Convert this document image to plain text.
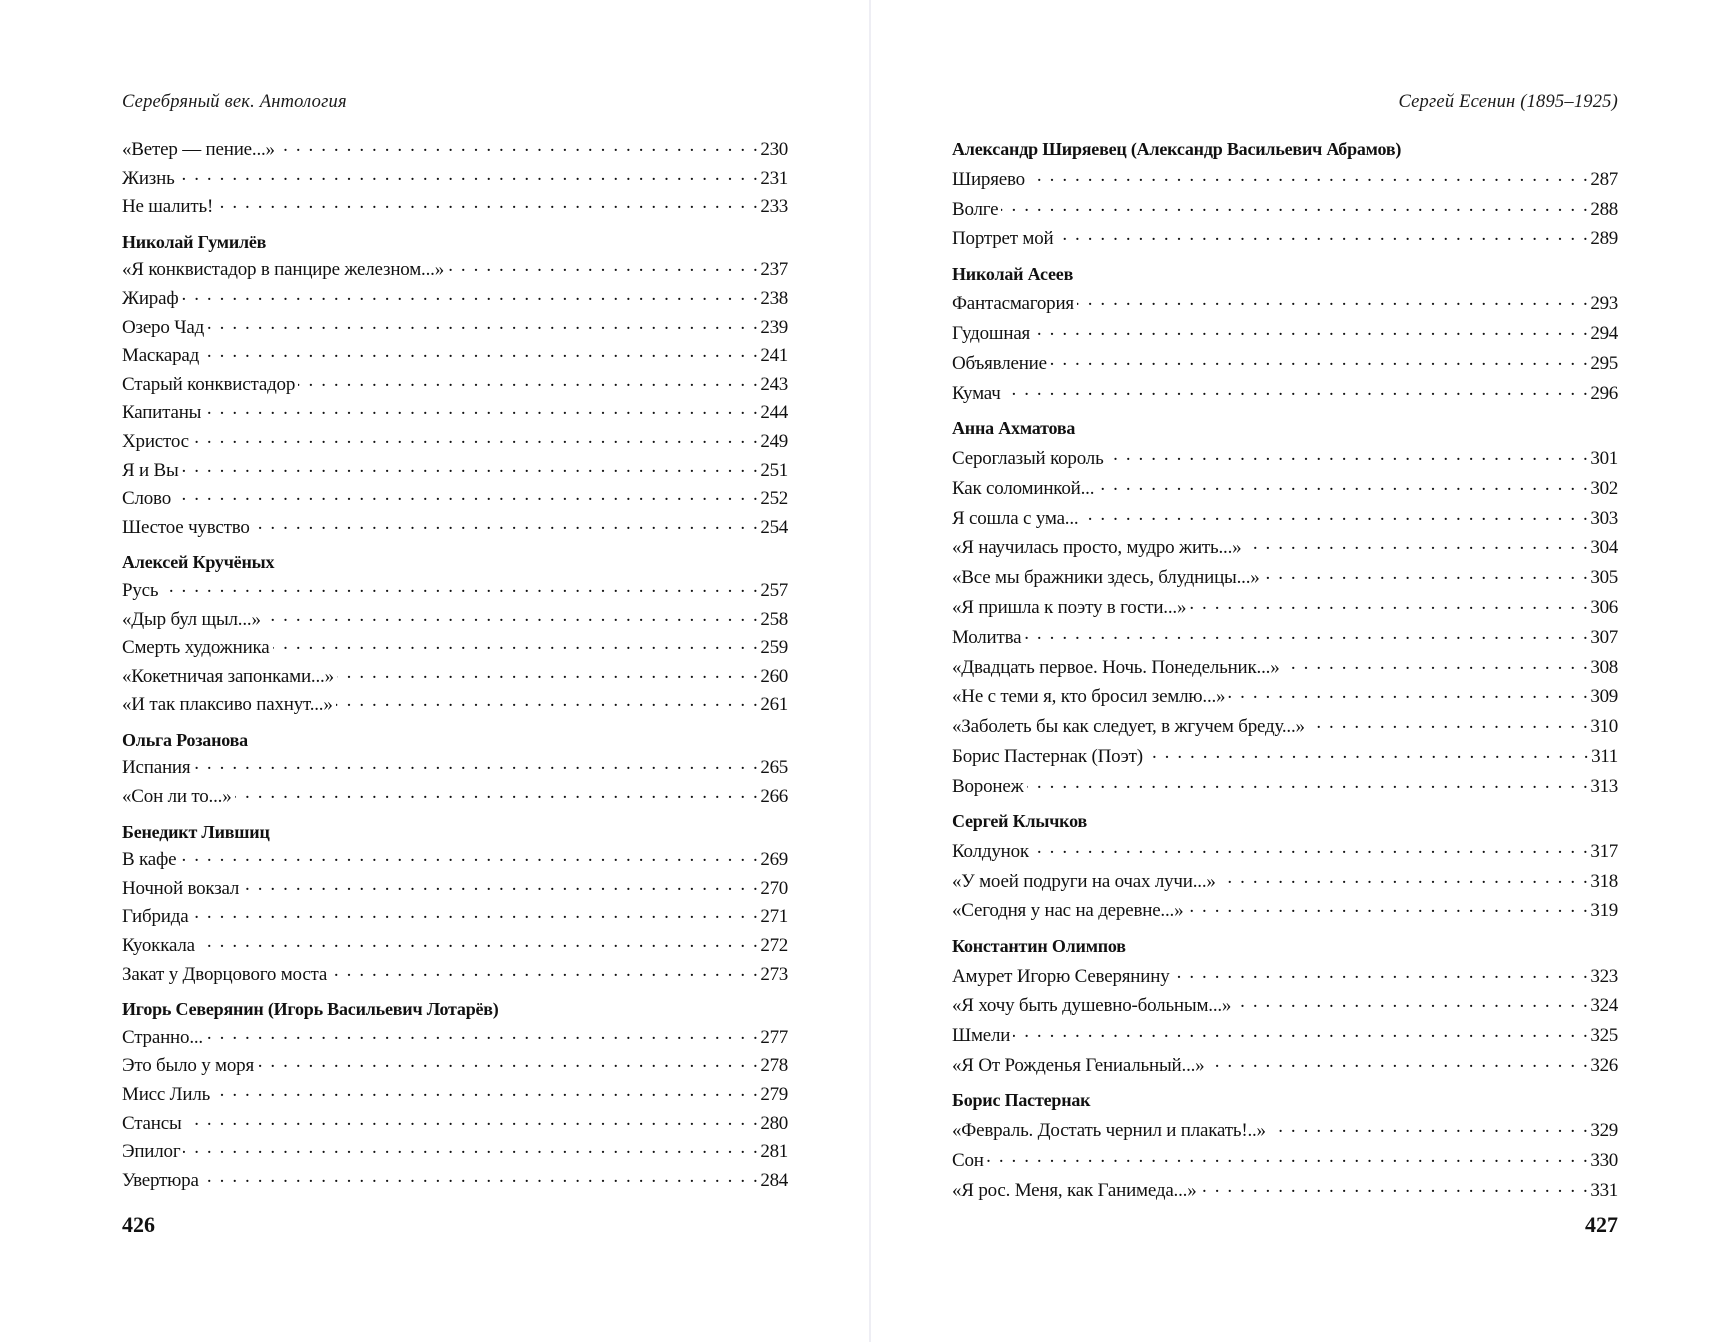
Серебряный век. Антология
«Ветер — пение...» . . .	230
Жизнь . . .	231
Не шалить! . . .	233
Николай Гумилёв
«Я конквистадор в панцире железном...» . . .	237
Жираф . . .	238
Озеро Чад . . .	239
Маскарад . . .	241
Старый конквистадор . . .	243
Капитаны . . .	244
Христос . . .	249
Я и Вы . . .	251
Слово . . .	252
Шестое чувство . . .	254
Алексей Кручёных
Русь . . .	257
«Дыр бул щыл...» . . .	258
Смерть художника . . .	259
«Кокетничая запонками...» . . .	260
«И так плаксиво пахнут...» . . .	261
Ольга Розанова
Испания . . .	265
«Сон ли то...» . . .	266
Бенедикт Лившиц
В кафе . . .	269
Ночной вокзал . . .	270
Гибрида . . .	271
Куоккала . . .	272
Закат у Дворцового моста . . .	273
Игорь Северянин (Игорь Васильевич Лотарёв)
Странно... . . .	277
Это было у моря . . .	278
Мисс Лиль . . .	279
Стансы . . .	280
Эпилог . . .	281
Увертюра . . .	284
426
Сергей Есенин (1895–1925)
Александр Ширяевец (Александр Васильевич Абрамов)
Ширяево . . .	287
Волге . . .	288
Портрет мой . . .	289
Николай Асеев
Фантасмагория . . .	293
Гудошная . . .	294
Объявление . . .	295
Кумач . . .	296
Анна Ахматова
Сероглазый король . . .	301
Как соломинкой... . . .	302
Я сошла с ума... . . .	303
«Я научилась просто, мудро жить...» . . .	304
«Все мы бражники здесь, блудницы...» . . .	305
«Я пришла к поэту в гости...» . . .	306
Молитва . . .	307
«Двадцать первое. Ночь. Понедельник...» . . .	308
«Не с теми я, кто бросил землю...» . . .	309
«Заболеть бы как следует, в жгучем бреду...» . . .	310
Борис Пастернак (Поэт) . . .	311
Воронеж . . .	313
Сергей Клычков
Колдунок . . .	317
«У моей подруги на очах лучи...» . . .	318
«Сегодня у нас на деревне...» . . .	319
Константин Олимпов
Амурет Игорю Северянину . . .	323
«Я хочу быть душевно-больным...» . . .	324
Шмели . . .	325
«Я От Рожденья Гениальный...» . . .	326
Борис Пастернак
«Февраль. Достать чернил и плакать!..» . . .	329
Сон . . .	330
«Я рос. Меня, как Ганимеда...» . . .	331
427
